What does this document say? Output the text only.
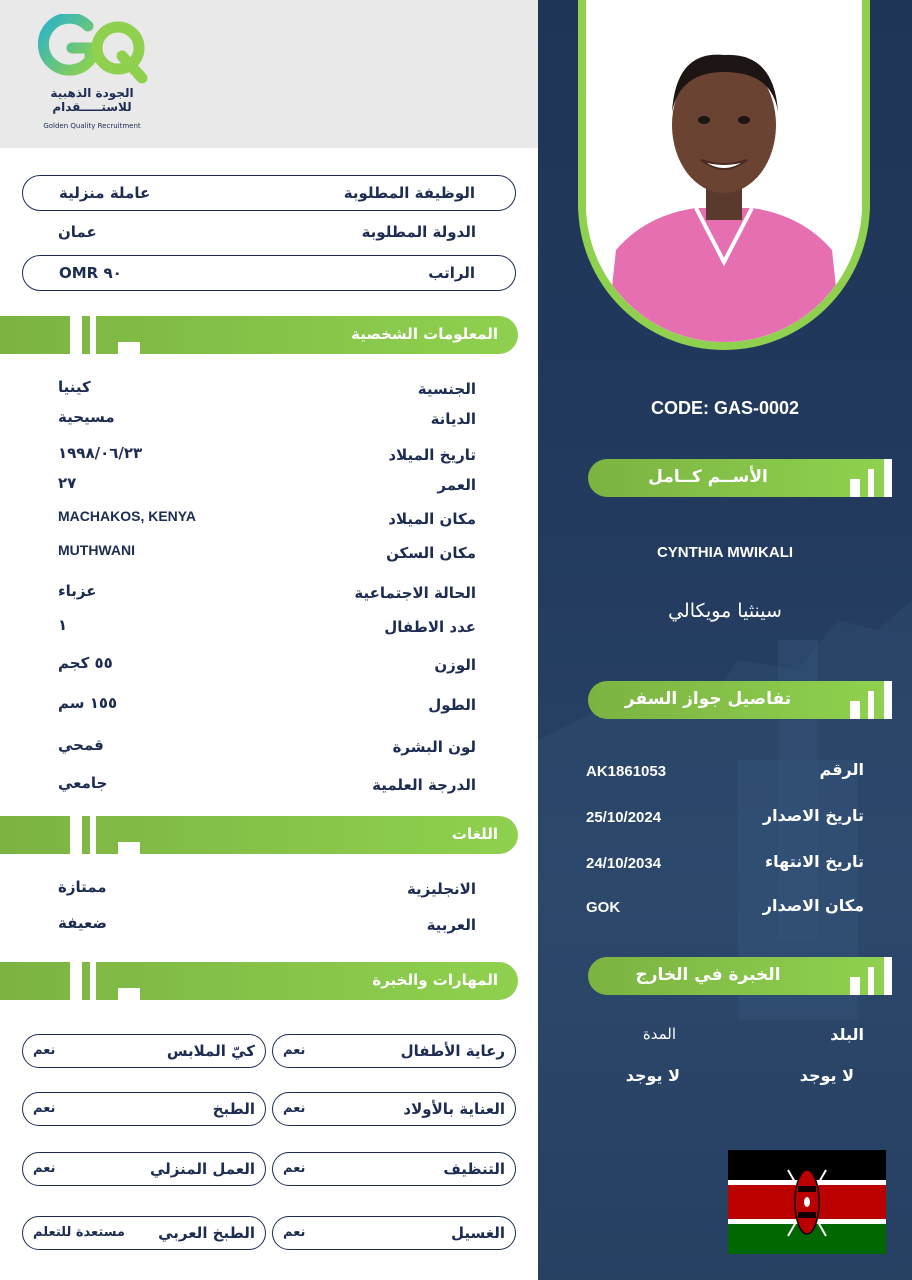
الجودة الذهبية
للاستـــــقدام
Golden Quality Recruitment
الوظيفة المطلوبة
عاملة منزلية
الدولة المطلوبة
عمان
الراتب
OMR ٩٠
المعلومات الشخصية
الجنسية
كينيا
الديانة
مسيحية
تاريخ الميلاد
١٩٩٨/٠٦/٢٣
العمر
٢٧
مكان الميلاد
MACHAKOS, KENYA
مكان السكن
MUTHWANI
الحالة الاجتماعية
عزباء
عدد الاطفال
١
الوزن
٥٥ كجم
الطول
١٥٥ سم
لون البشرة
قمحي
الدرجة العلمية
جامعي
اللغات
الانجليزية
ممتازة
العربية
ضعيفة
المهارات والخبرة
رعاية الأطفال
نعم
كيّ الملابس
نعم
العناية بالأولاد
نعم
الطبخ
نعم
التنظيف
نعم
العمل المنزلي
نعم
الغسيل
نعم
الطبخ العربي
مستعدة للتعلم
CODE: GAS-0002
الأســم كــامل
CYNTHIA MWIKALI
سينثيا مويكالي
تفاصيل جواز السفر
الرقم
AK1861053
تاريخ الاصدار
25/10/2024
تاريخ الانتهاء
24/10/2034
مكان الاصدار
GOK
الخبرة في الخارج
البلد
المدة
لا يوجد
لا يوجد
